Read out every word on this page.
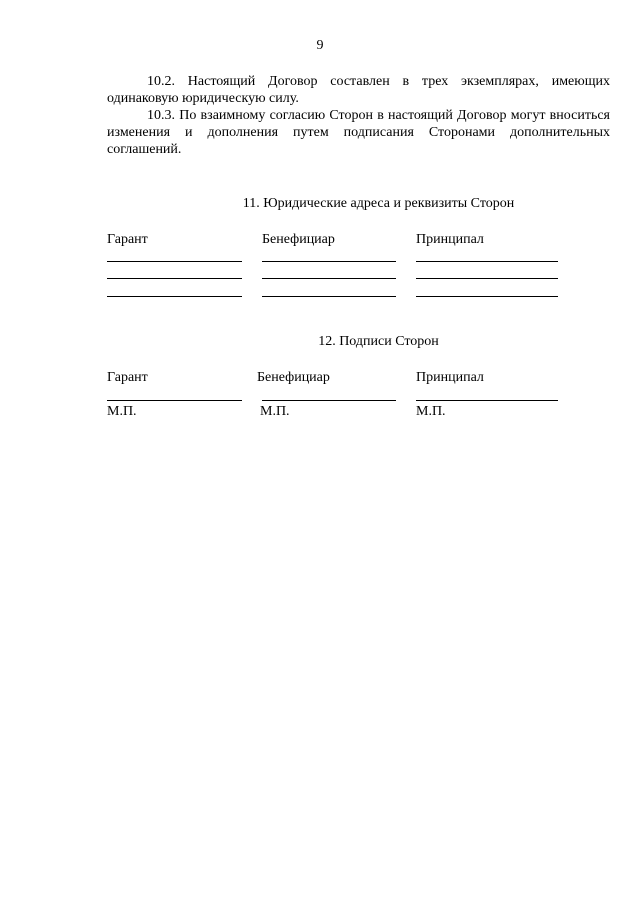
9

10.2. Настоящий Договор составлен в трех экземплярах, имеющих одинаковую юридическую силу.

10.3. По взаимному согласию Сторон в настоящий Договор могут вноситься изменения и дополнения путем подписания Сторонами дополнительных соглашений.

11. Юридические адреса и реквизиты Сторон
Гарант	Бенефициар	Принципал
12. Подписи Сторон
Гарант	Бенефициар	Принципал
М.П.	М.П.	М.П.
